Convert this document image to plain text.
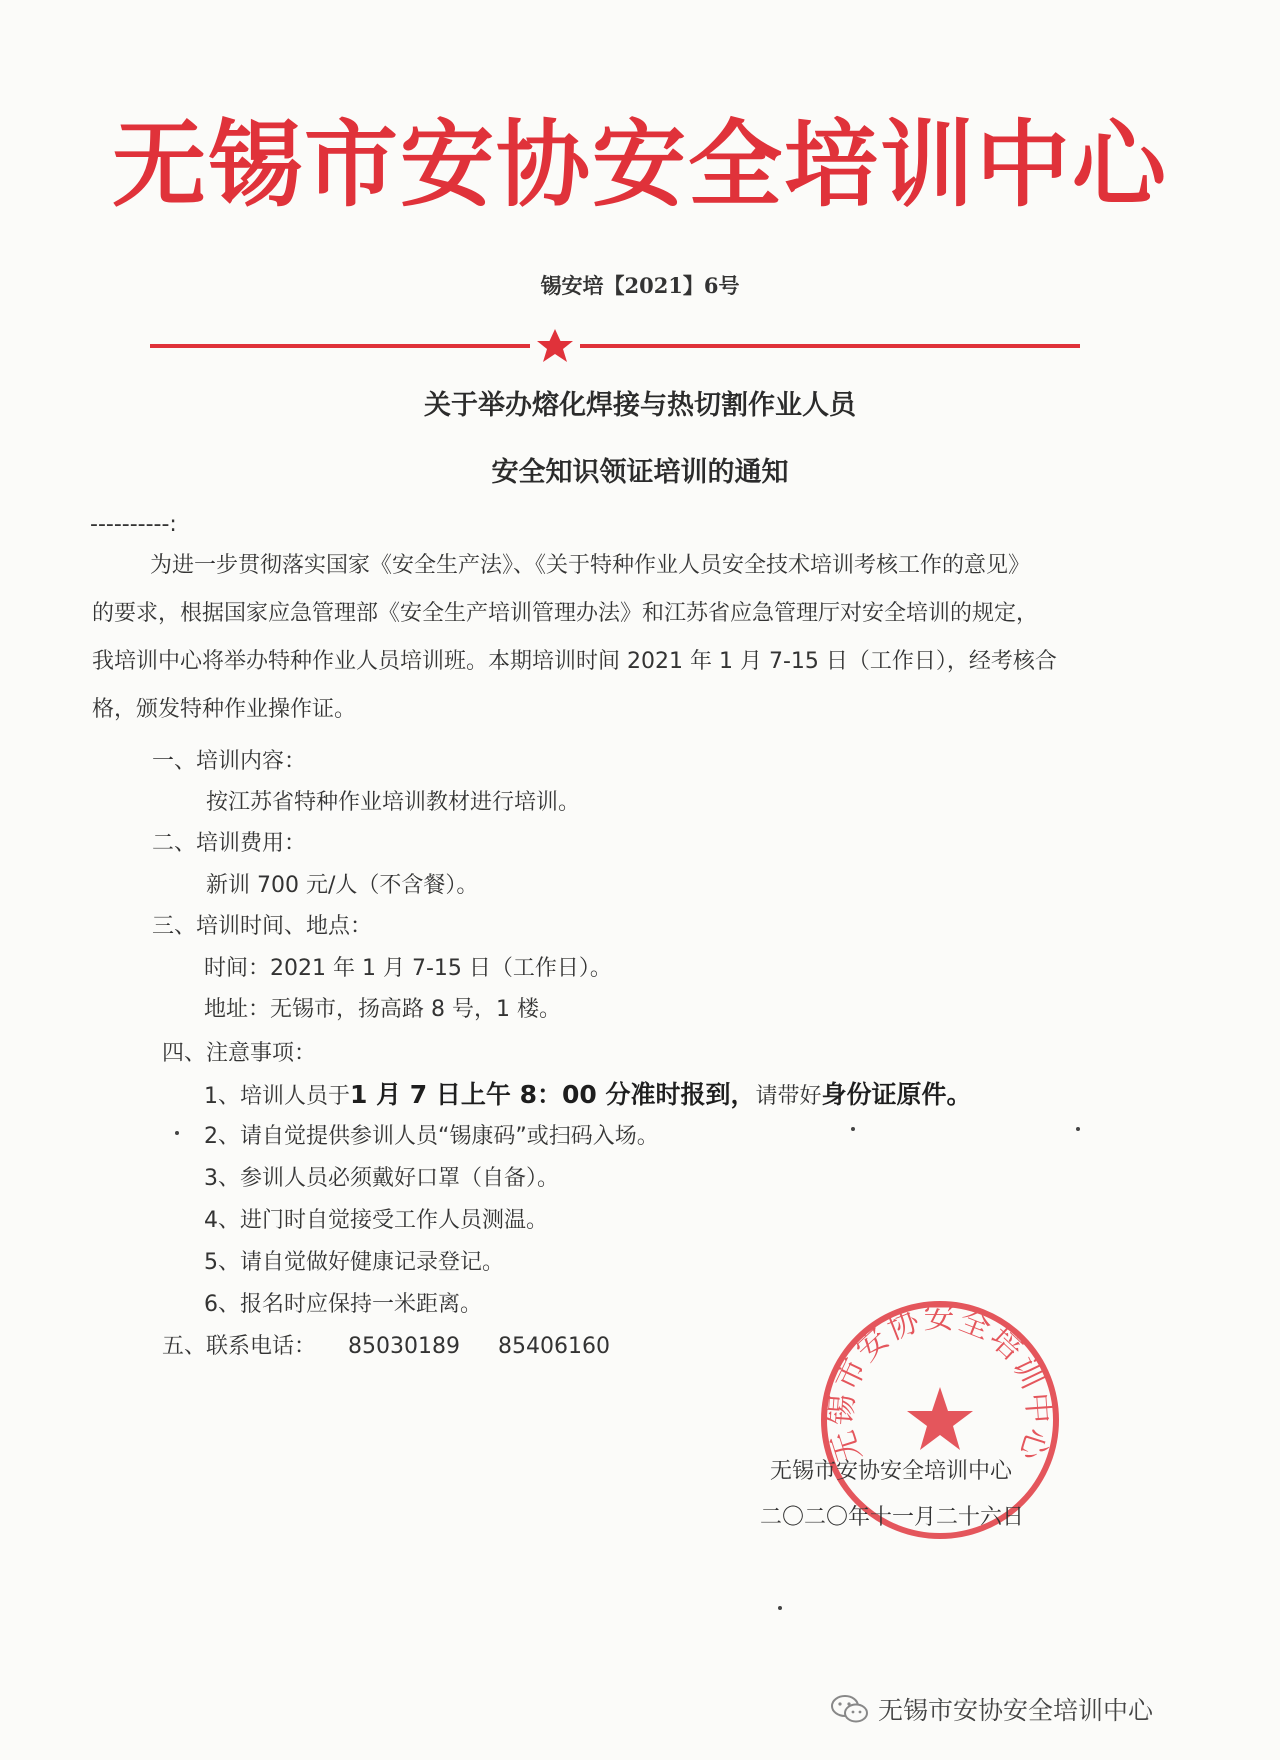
无锡市安协安全培训中心
锡安培【2021】6号
关于举办熔化焊接与热切割作业人员
安全知识领证培训的通知
----------:
为进一步贯彻落实国家《安全生产法》、《关于特种作业人员安全技术培训考核工作的意见》
的要求，根据国家应急管理部《安全生产培训管理办法》和江苏省应急管理厅对安全培训的规定，
我培训中心将举办特种作业人员培训班。本期培训时间 2021 年 1 月 7-15 日（工作日），经考核合
格，颁发特种作业操作证。
一、培训内容：
按江苏省特种作业培训教材进行培训。
二、培训费用：
新训 700 元/人（不含餐）。
三、培训时间、地点：
时间：2021 年 1 月 7-15 日（工作日）。
地址：无锡市，扬高路 8 号，1 楼。
四、注意事项：
1、培训人员于1 月 7 日上午 8：00 分准时报到，请带好身份证原件。
2、请自觉提供参训人员“锡康码”或扫码入场。
3、参训人员必须戴好口罩（自备）。
4、进门时自觉接受工作人员测温。
5、请自觉做好健康记录登记。
6、报名时应保持一米距离。
五、联系电话： 85030189 85406160
无锡市安协安全培训中心
无锡市安协安全培训中心
二〇二〇年十一月二十六日
无锡市安协安全培训中心
